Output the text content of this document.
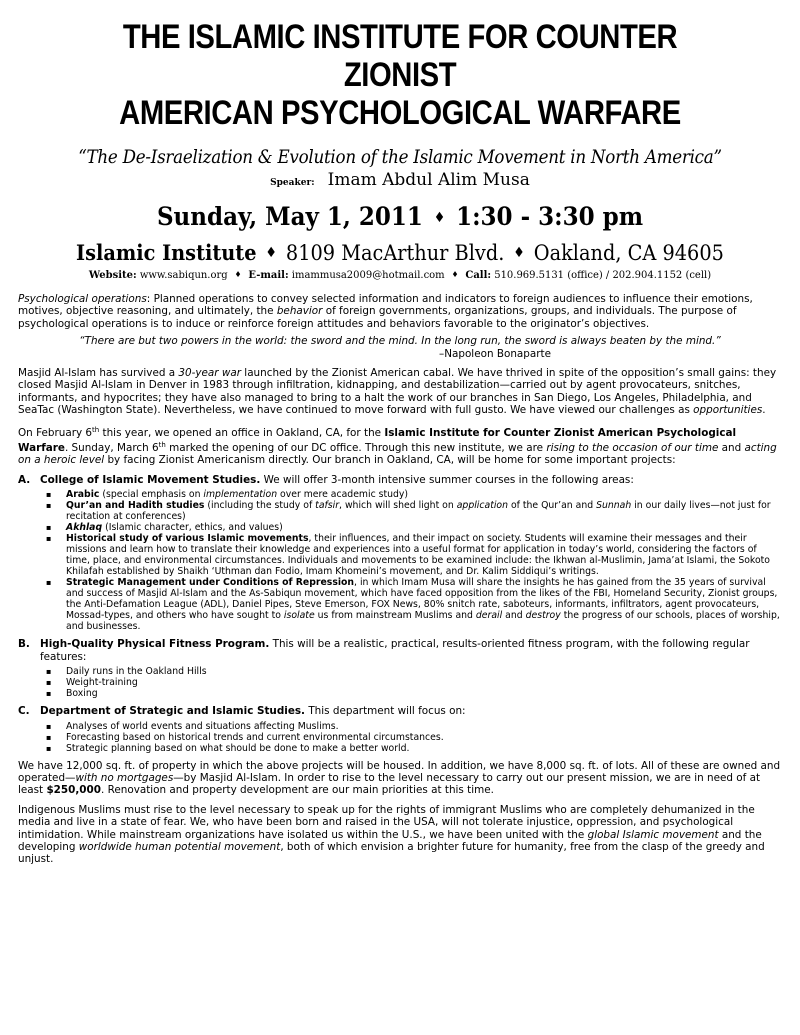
THE ISLAMIC INSTITUTE FOR COUNTER ZIONIST
AMERICAN PSYCHOLOGICAL WARFARE
“The De-Israelization & Evolution of the Islamic Movement in North America”
Speaker: Imam Abdul Alim Musa
Sunday, May 1, 2011 ♦ 1:30 - 3:30 pm
Islamic Institute ♦ 8109 MacArthur Blvd. ♦ Oakland, CA 94605
Website: www.sabiqun.org ♦ E-mail: imammusa2009@hotmail.com ♦ Call: 510.969.5131 (office) / 202.904.1152 (cell)
Psychological operations: Planned operations to convey selected information and indicators to foreign audiences to influence their emotions, motives, objective reasoning, and ultimately, the behavior of foreign governments, organizations, groups, and individuals. The purpose of psychological operations is to induce or reinforce foreign attitudes and behaviors favorable to the originator’s objectives.
“There are but two powers in the world: the sword and the mind. In the long run, the sword is always beaten by the mind.”
–Napoleon Bonaparte
Masjid Al-Islam has survived a 30-year war launched by the Zionist American cabal. We have thrived in spite of the opposition’s small gains: they closed Masjid Al-Islam in Denver in 1983 through infiltration, kidnapping, and destabilization—carried out by agent provocateurs, snitches, informants, and hypocrites; they have also managed to bring to a halt the work of our branches in San Diego, Los Angeles, Philadelphia, and SeaTac (Washington State). Nevertheless, we have continued to move forward with full gusto. We have viewed our challenges as opportunities.
On February 6th this year, we opened an office in Oakland, CA, for the Islamic Institute for Counter Zionist American Psychological Warfare. Sunday, March 6th marked the opening of our DC office. Through this new institute, we are rising to the occasion of our time and acting on a heroic level by facing Zionist Americanism directly. Our branch in Oakland, CA, will be home for some important projects:
A. College of Islamic Movement Studies. We will offer 3-month intensive summer courses in the following areas:
▪ Arabic (special emphasis on implementation over mere academic study)
▪ Qur’an and Hadith studies (including the study of tafsir, which will shed light on application of the Qur’an and Sunnah in our daily lives—not just for recitation at conferences)
▪ Akhlaq (Islamic character, ethics, and values)
▪ Historical study of various Islamic movements, their influences, and their impact on society. Students will examine their messages and their missions and learn how to translate their knowledge and experiences into a useful format for application in today’s world, considering the factors of time, place, and environmental circumstances. Individuals and movements to be examined include: the Ikhwan al-Muslimin, Jama’at Islami, the Sokoto Khilafah established by Shaikh ‘Uthman dan Fodio, Imam Khomeini’s movement, and Dr. Kalim Siddiqui’s writings.
▪ Strategic Management under Conditions of Repression, in which Imam Musa will share the insights he has gained from the 35 years of survival and success of Masjid Al-Islam and the As-Sabiqun movement, which have faced opposition from the likes of the FBI, Homeland Security, Zionist groups, the Anti-Defamation League (ADL), Daniel Pipes, Steve Emerson, FOX News, 80% snitch rate, saboteurs, informants, infiltrators, agent provocateurs, Mossad-types, and others who have sought to isolate us from mainstream Muslims and derail and destroy the progress of our schools, places of worship, and businesses.
B. High-Quality Physical Fitness Program. This will be a realistic, practical, results-oriented fitness program, with the following regular features:
▪ Daily runs in the Oakland Hills
▪ Weight-training
▪ Boxing
C.	Department of Strategic and Islamic Studies. This department will focus on:
▪ Analyses of world events and situations affecting Muslims.
▪ Forecasting based on historical trends and current environmental circumstances.
▪ Strategic planning based on what should be done to make a better world.
We have 12,000 sq. ft. of property in which the above projects will be housed. In addition, we have 8,000 sq. ft. of lots. All of these are owned and operated—with no mortgages—by Masjid Al-Islam. In order to rise to the level necessary to carry out our present mission, we are in need of at least $250,000. Renovation and property development are our main priorities at this time.
Indigenous Muslims must rise to the level necessary to speak up for the rights of immigrant Muslims who are completely dehumanized in the media and live in a state of fear. We, who have been born and raised in the USA, will not tolerate injustice, oppression, and psychological intimidation. While mainstream organizations have isolated us within the U.S., we have been united with the global Islamic movement and the developing worldwide human potential movement, both of which envision a brighter future for humanity, free from the clasp of the greedy and unjust.
